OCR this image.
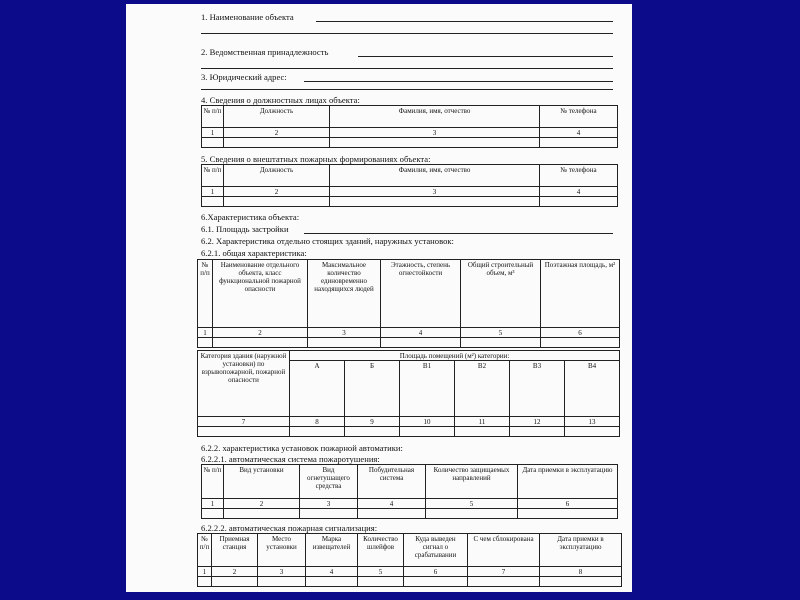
1. Наименование объекта
2. Ведомственная принадлежность
3. Юридический адрес:
4. Сведения о должностных лицах объекта:
№ п/п	Должность	Фамилия, имя, отчество	№ телефона
1	2	3	4

5. Сведения о внештатных пожарных формированиях объекта:
№ п/п	Должность	Фамилия, имя, отчество	№ телефона
1	2	3	4

6.Характеристика объекта:
6.1. Площадь застройки
6.2. Характеристика отдельно стоящих зданий, наружных установок:
6.2.1. общая характеристика:
№ п/п	Наименование отдельного объекта, класс функциональной пожарной опасности	Максимальное количество единовременно находящихся людей	Этажность, степень огнестойкости	Общий строительный объем, м³	Поэтажная площадь, м²
1	2	3	4	5	6

Категория здания (наружной установки) по взрывопожарной, пожарной опасности	Площадь помещений (м²) категории:					
	А	Б	В1	В2	В3	В4
7	8	9	10	11	12	13

6.2.2. характеристика установок пожарной автоматики:
6.2.2.1. автоматическая система пожаротушения:
№ п/п	Вид установки	Вид огнетушащего средства	Побудительная система	Количество защищаемых направлений	Дата приемки в эксплуатацию
1	2	3	4	5	6

6.2.2.2. автоматическая пожарная сигнализация:
№ п/п	Приемная станция	Место установки	Марка извещателей	Количество шлейфов	Куда выведен сигнал о срабатывании	С чем сблокирована	Дата приемки в эксплуатацию
1	2	3	4	5	6	7	8
